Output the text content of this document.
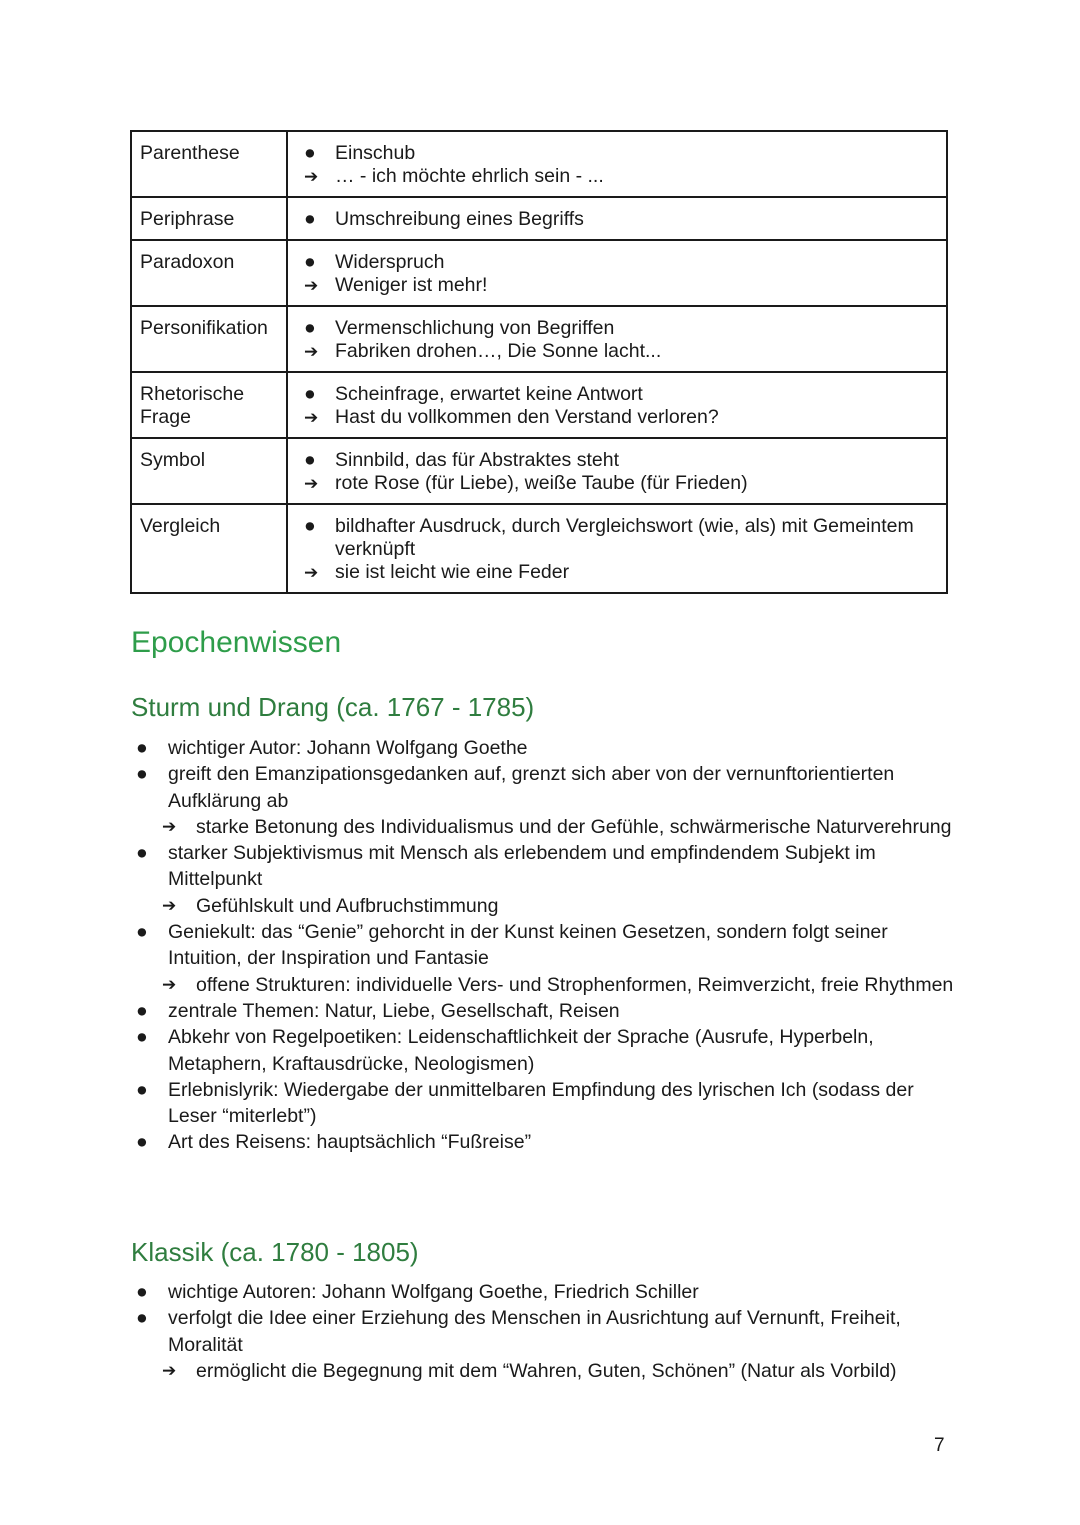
Parenthese	● Einschub
➔ … - ich möchte ehrlich sein - ...

Periphrase	● Umschreibung eines Begriffs

Paradoxon	● Widerspruch
➔ Weniger ist mehr!

Personifikation	● Vermenschlichung von Begriffen
➔ Fabriken drohen…, Die Sonne lacht...

Rhetorische Frage	● Scheinfrage, erwartet keine Antwort
➔ Hast du vollkommen den Verstand verloren?

Symbol	● Sinnbild, das für Abstraktes steht
➔ rote Rose (für Liebe), weiße Taube (für Frieden)

Vergleich	● bildhafter Ausdruck, durch Vergleichswort (wie, als) mit Gemeintem verknüpft
➔ sie ist leicht wie eine Feder
Epochenwissen
Sturm und Drang (ca. 1767 - 1785)
●	wichtiger Autor: Johann Wolfgang Goethe
●	greift den Emanzipationsgedanken auf, grenzt sich aber von der vernunftorientierten Aufklärung ab
➔	starke Betonung des Individualismus und der Gefühle, schwärmerische Naturverehrung
●	starker Subjektivismus mit Mensch als erlebendem und empfindendem Subjekt im Mittelpunkt
➔	Gefühlskult und Aufbruchstimmung
●	Geniekult: das “Genie” gehorcht in der Kunst keinen Gesetzen, sondern folgt seiner Intuition, der Inspiration und Fantasie
➔	offene Strukturen: individuelle Vers- und Strophenformen, Reimverzicht, freie Rhythmen
●	zentrale Themen: Natur, Liebe, Gesellschaft, Reisen
●	Abkehr von Regelpoetiken: Leidenschaftlichkeit der Sprache (Ausrufe, Hyperbeln, Metaphern, Kraftausdrücke, Neologismen)
●	Erlebnislyrik: Wiedergabe der unmittelbaren Empfindung des lyrischen Ich (sodass der Leser “miterlebt”)
●	Art des Reisens: hauptsächlich “Fußreise”
Klassik (ca. 1780 - 1805)
●	wichtige Autoren: Johann Wolfgang Goethe, Friedrich Schiller
●	verfolgt die Idee einer Erziehung des Menschen in Ausrichtung auf Vernunft, Freiheit, Moralität
➔	ermöglicht die Begegnung mit dem “Wahren, Guten, Schönen” (Natur als Vorbild)
7
